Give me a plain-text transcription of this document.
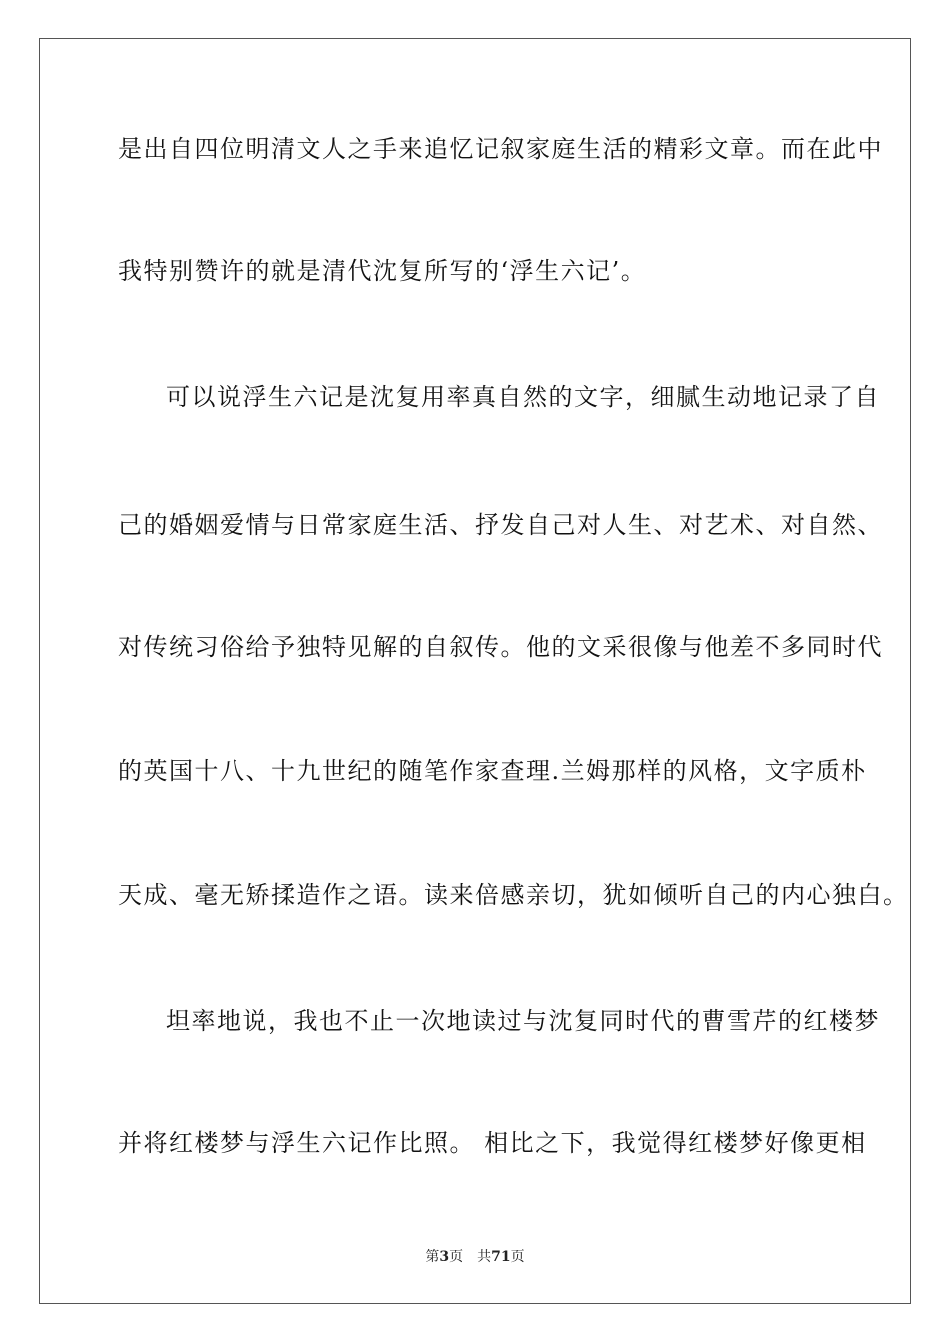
是出自四位明清文人之手来追忆记叙家庭生活的精彩文章。而在此中
我特别赞许的就是清代沈复所写的‘浮生六记’。
可以说浮生六记是沈复用率真自然的文字，细腻生动地记录了自
己的婚姻爱情与日常家庭生活、抒发自己对人生、对艺术、对自然、
对传统习俗给予独特见解的自叙传。他的文采很像与他差不多同时代
的英国十八、十九世纪的随笔作家查理.兰姆那样的风格，文字质朴
天成、毫无矫揉造作之语。读来倍感亲切，犹如倾听自己的内心独白。
坦率地说，我也不止一次地读过与沈复同时代的曹雪芹的红楼梦
并将红楼梦与浮生六记作比照。 相比之下，我觉得红楼梦好像更相
第3页 共71页
